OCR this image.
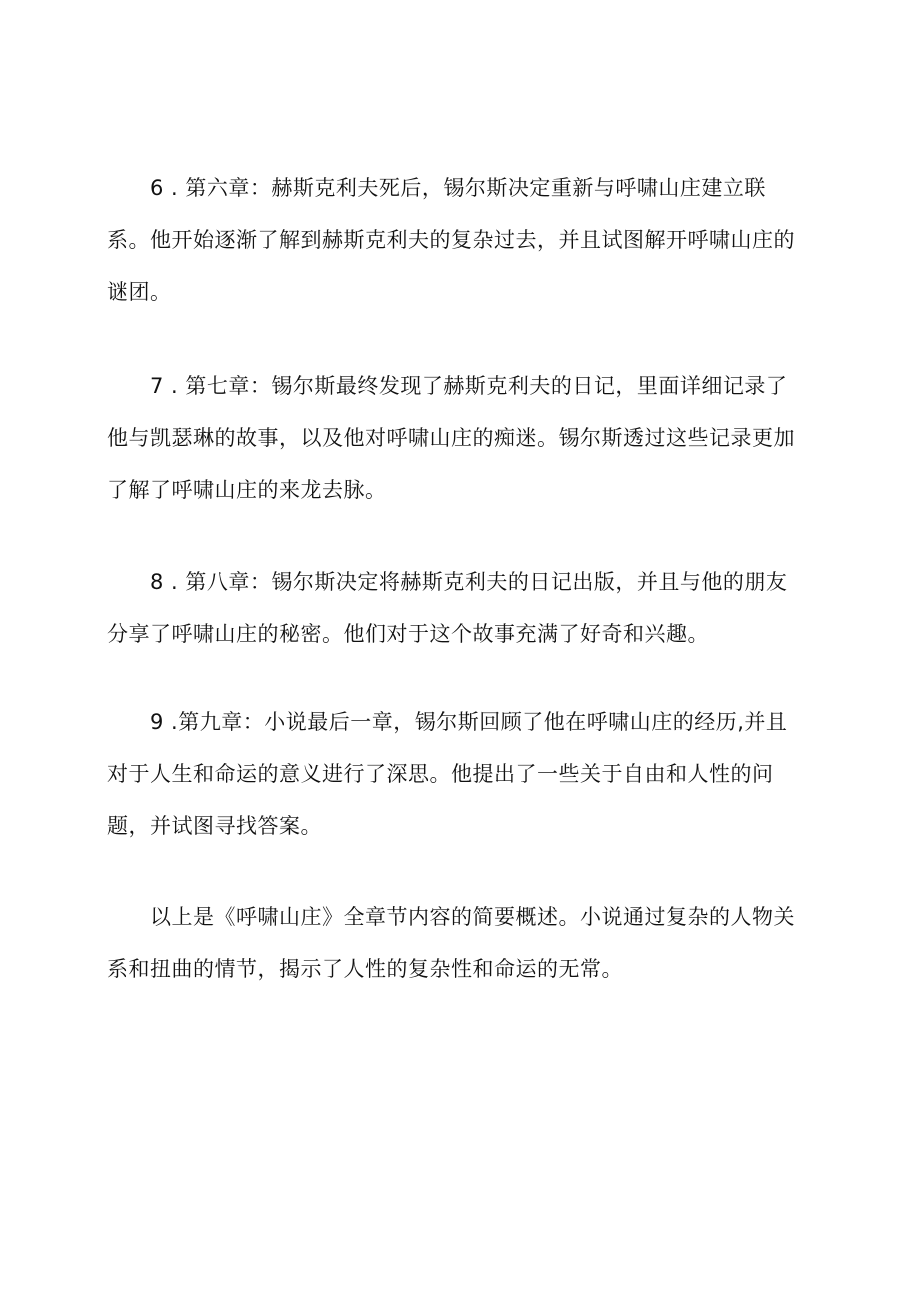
6 . 第六章：赫斯克利夫死后，锡尔斯决定重新与呼啸山庄建立联系。他开始逐渐了解到赫斯克利夫的复杂过去，并且试图解开呼啸山庄的谜团。

7 . 第七章：锡尔斯最终发现了赫斯克利夫的日记，里面详细记录了他与凯瑟琳的故事，以及他对呼啸山庄的痴迷。锡尔斯透过这些记录更加了解了呼啸山庄的来龙去脉。

8 . 第八章：锡尔斯决定将赫斯克利夫的日记出版，并且与他的朋友分享了呼啸山庄的秘密。他们对于这个故事充满了好奇和兴趣。

9 .第九章：小说最后一章，锡尔斯回顾了他在呼啸山庄的经历,并且对于人生和命运的意义进行了深思。他提出了一些关于自由和人性的问题，并试图寻找答案。

以上是《呼啸山庄》全章节内容的简要概述。小说通过复杂的人物关系和扭曲的情节，揭示了人性的复杂性和命运的无常。
